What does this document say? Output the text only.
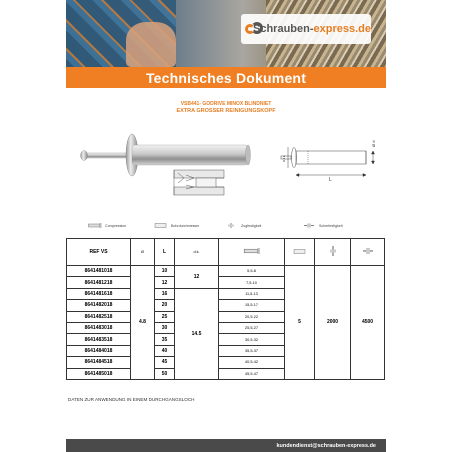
Schrauben-express.de
Technisches Dokument
VSB441- GODRIVE MINOX BLINDNIET
EXTRA GROSSER REINIGUNGSKOPF
L
Ø d
Ø d.k.
Compression	Bohrdurchmesser	Zugfestigkeit	Scherfestigkeit
REF VS	Ø	L	d.k.				
8641481018	4.8	10	12	5,5-8	5	2000	4500
8641481218		12		7,5-10			
8641481618		16	14.5	11,5-13			
8641482018		20		15,5-17			
8641482518		25		20,5-22			
8641483018		30		25,5-27			
8641483518		35		30,5-32			
8641484018		40		35,5-37			
8641484518		45		40,5-42			
8641485018		50		45,5-47			
DATEN ZUR ANWENDUNG IN EINEM DURCHGANGSLOCH
kundendienst@schrauben-express.de
